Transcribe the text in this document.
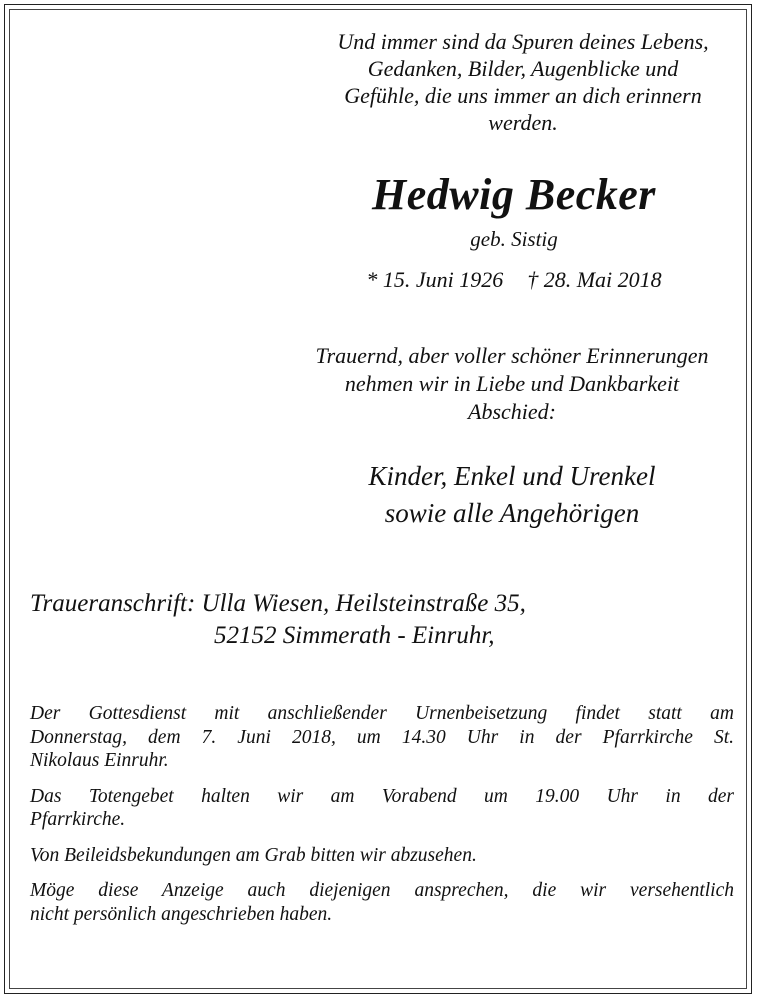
Und immer sind da Spuren deines Lebens,
Gedanken, Bilder, Augenblicke und
Gefühle, die uns immer an dich erinnern
werden.
Hedwig Becker
geb. Sistig
* 15. Juni 1926 † 28. Mai 2018
Trauernd, aber voller schöner Erinnerungen
nehmen wir in Liebe und Dankbarkeit
Abschied:
Kinder, Enkel und Urenkel
sowie alle Angehörigen
Traueranschrift: Ulla Wiesen, Heilsteinstraße 35,
52152 Simmerath - Einruhr,

Der Gottesdienst mit anschließender Urnenbeisetzung findet statt am
Donnerstag, dem 7. Juni 2018, um 14.30 Uhr in der Pfarrkirche St.
Nikolaus Einruhr.

Das Totengebet halten wir am Vorabend um 19.00 Uhr in der
Pfarrkirche.

Von Beileidsbekundungen am Grab bitten wir abzusehen.

Möge diese Anzeige auch diejenigen ansprechen, die wir versehentlich
nicht persönlich angeschrieben haben.
